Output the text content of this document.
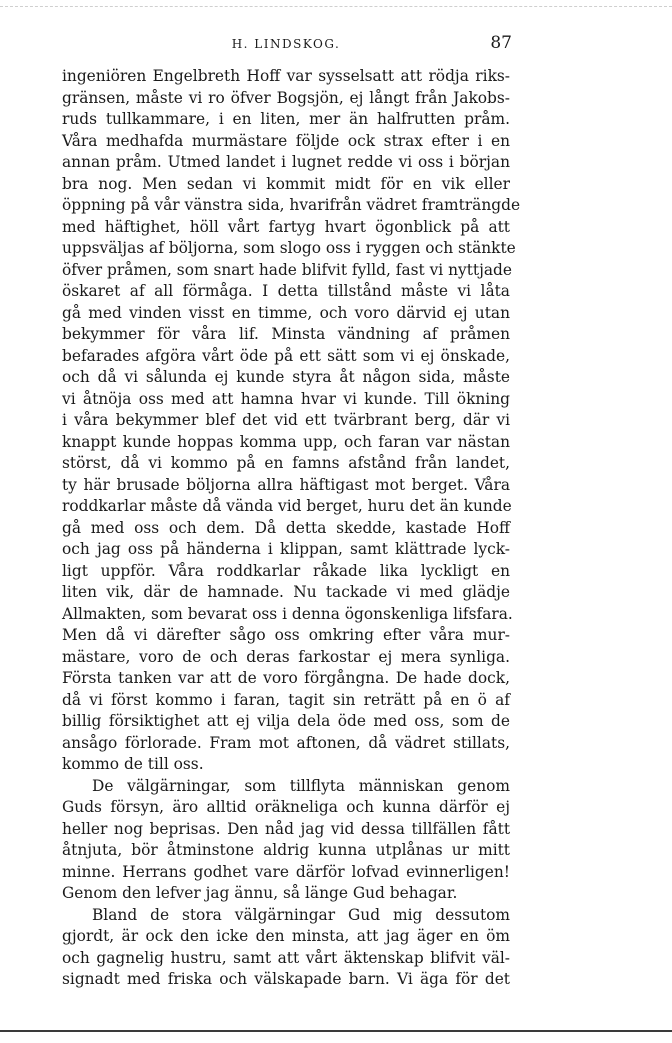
H. LINDSKOG.	87
ingeniören Engelbreth Hoff var sysselsatt att rödja riks-
gränsen, måste vi ro öfver Bogsjön, ej långt från Jakobs-
ruds tullkammare, i en liten, mer än halfrutten pråm.
Våra medhafda murmästare följde ock strax efter i en
annan pråm. Utmed landet i lugnet redde vi oss i början
bra nog. Men sedan vi kommit midt för en vik eller
öppning på vår vänstra sida, hvarifrån vädret framträngde
med häftighet, höll vårt fartyg hvart ögonblick på att
uppsväljas af böljorna, som slogo oss i ryggen och stänkte
öfver pråmen, som snart hade blifvit fylld, fast vi nyttjade
öskaret af all förmåga. I detta tillstånd måste vi låta
gå med vinden visst en timme, och voro därvid ej utan
bekymmer för våra lif. Minsta vändning af pråmen
befarades afgöra vårt öde på ett sätt som vi ej önskade,
och då vi sålunda ej kunde styra åt någon sida, måste
vi åtnöja oss med att hamna hvar vi kunde. Till ökning
i våra bekymmer blef det vid ett tvärbrant berg, där vi
knappt kunde hoppas komma upp, och faran var nästan
störst, då vi kommo på en famns afstånd från landet,
ty här brusade böljorna allra häftigast mot berget. Våra
roddkarlar måste då vända vid berget, huru det än kunde
gå med oss och dem. Då detta skedde, kastade Hoff
och jag oss på händerna i klippan, samt klättrade lyck-
ligt uppför. Våra roddkarlar råkade lika lyckligt en
liten vik, där de hamnade. Nu tackade vi med glädje
Allmakten, som bevarat oss i denna ögonskenliga lifsfara.
Men då vi därefter sågo oss omkring efter våra mur-
mästare, voro de och deras farkostar ej mera synliga.
Första tanken var att de voro förgångna. De hade dock,
då vi först kommo i faran, tagit sin reträtt på en ö af
billig försiktighet att ej vilja dela öde med oss, som de
ansågo förlorade. Fram mot aftonen, då vädret stillats,
kommo de till oss.
De välgärningar, som tillflyta människan genom
Guds försyn, äro alltid oräkneliga och kunna därför ej
heller nog beprisas. Den nåd jag vid dessa tillfällen fått
åtnjuta, bör åtminstone aldrig kunna utplånas ur mitt
minne. Herrans godhet vare därför lofvad evinnerligen!
Genom den lefver jag ännu, så länge Gud behagar.
Bland de stora välgärningar Gud mig dessutom
gjordt, är ock den icke den minsta, att jag äger en öm
och gagnelig hustru, samt att vårt äktenskap blifvit väl-
signadt med friska och välskapade barn. Vi äga för det
